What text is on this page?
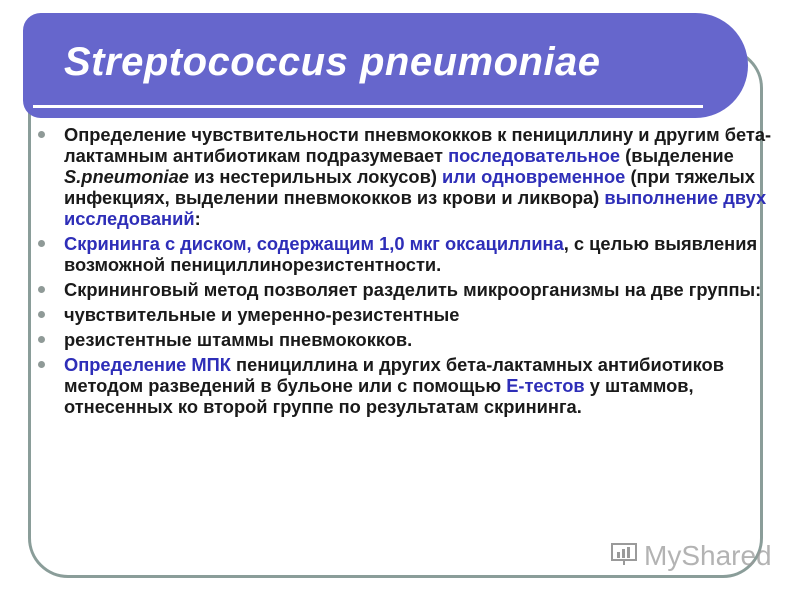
Streptococcus pneumoniae
Определение чувствительности пневмококков к пенициллину и другим бета-лактамным антибиотикам подразумевает последовательное (выделение S.pneumoniae из нестерильных локусов) или одновременное (при тяжелых инфекциях, выделении пневмококков из крови и ликвора) выполнение двух исследований:
Скрининга с диском, содержащим 1,0 мкг оксациллина, с целью выявления возможной пенициллинорезистентности.
Скрининговый метод позволяет разделить микроорганизмы на две группы:
чувствительные и умеренно-резистентные
резистентные штаммы пневмококков.
Определение МПК пенициллина и других бета-лактамных антибиотиков методом разведений в бульоне или с помощью Е-тестов у штаммов, отнесенных ко второй группе по результатам скрининга.
MyShared
